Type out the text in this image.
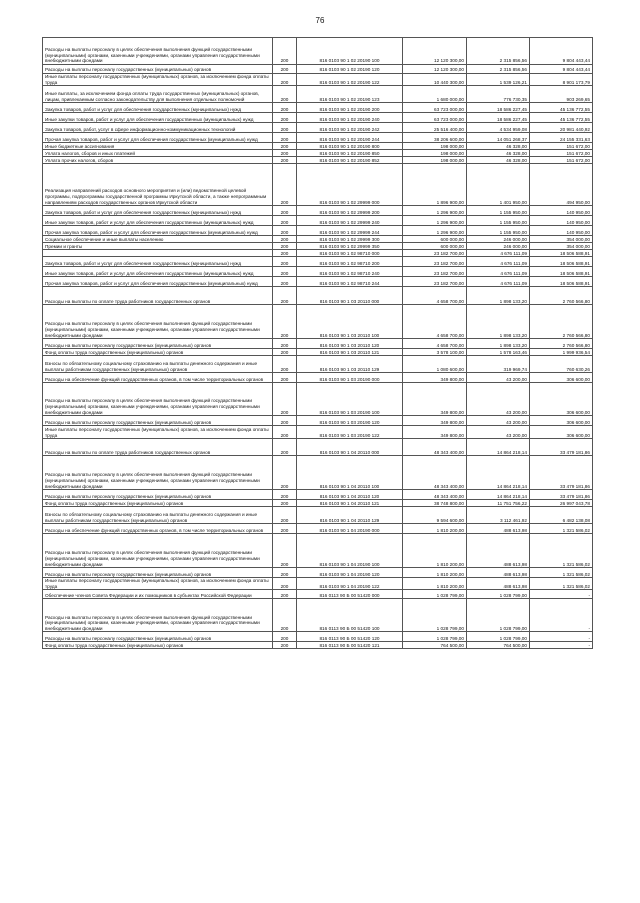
76
Расходы на выплаты персоналу в целях обеспечения выполнения функций государственными (муниципальными) органами, казенными учреждениями, органами управления государственными внебюджетными фондами	200	816 0103 90 1 02 20190 100	12 120 300,00	2 315 856,56	9 804 443,44
Расходы на выплаты персоналу государственных (муниципальных) органов	200	816 0103 90 1 02 20190 120	12 120 300,00	2 315 856,56	9 804 443,44
Иные выплаты персоналу государственных (муниципальных) органов, за исключением фонда оплаты труда	200	816 0103 90 1 02 20190 122	10 440 300,00	1 539 126,21	8 901 173,79
Иные выплаты, за исключением фонда оплаты труда государственных (муниципальных) органов, лицам, привлекаемым согласно законодательству для выполнения отдельных полномочий	200	816 0103 90 1 02 20190 123	1 680 000,00	776 730,35	903 269,65
Закупка товаров, работ и услуг для обеспечения государственных (муниципальных) нужд	200	816 0103 90 1 02 20190 200	63 723 000,00	18 586 227,45	45 136 772,55
Иные закупки товаров, работ и услуг для обеспечения государственных (муниципальных) нужд	200	816 0103 90 1 02 20190 240	63 723 000,00	18 586 227,45	45 136 772,55
Закупка товаров, работ, услуг в сфере информационно-коммуникационных технологий	200	816 0103 90 1 02 20190 242	25 516 400,00	4 534 959,08	20 981 440,92
Прочая закупка товаров, работ и услуг для обеспечения государственных (муниципальных) нужд	200	816 0103 90 1 02 20190 244	38 206 600,00	14 051 268,37	24 155 331,63
Иные бюджетные ассигнования	200	816 0103 90 1 02 20190 800	198 000,00	46 328,00	151 672,00
Уплата налогов, сборов и иных платежей	200	816 0103 90 1 02 20190 850	198 000,00	46 328,00	151 672,00
Уплата прочих налогов, сборов	200	816 0103 90 1 02 20190 852	198 000,00	46 328,00	151 672,00
Реализация направлений расходов основного мероприятия и (или) ведомственной целевой программы, подпрограммы государственной программы Иркутской области, а также непрограммным направлениям расходов государственных органов Иркутской области	200	816 0103 90 1 02 29999 000	1 896 900,00	1 401 950,00	494 950,00
Закупка товаров, работ и услуг для обеспечения государственных (муниципальных) нужд	200	816 0103 90 1 02 29999 200	1 296 900,00	1 155 950,00	140 950,00
Иные закупки товаров, работ и услуг для обеспечения государственных (муниципальных) нужд	200	816 0103 90 1 02 29999 240	1 296 900,00	1 155 950,00	140 950,00
Прочая закупка товаров, работ и услуг для обеспечения государственных (муниципальных) нужд	200	816 0103 90 1 02 29999 244	1 296 900,00	1 155 950,00	140 950,00
Социальное обеспечение и иные выплаты населению	200	816 0103 90 1 02 29999 300	600 000,00	246 000,00	354 000,00
Премии и гранты	200	816 0103 90 1 02 29999 350	600 000,00	246 000,00	354 000,00
	200	816 0103 90 1 02 98710 000	23 182 700,00	4 676 111,09	18 506 588,91
Закупка товаров, работ и услуг для обеспечения государственных (муниципальных) нужд	200	816 0103 90 1 02 98710 200	23 182 700,00	4 676 111,09	18 506 588,91
Иные закупки товаров, работ и услуг для обеспечения государственных (муниципальных) нужд	200	816 0103 90 1 02 98710 240	23 182 700,00	4 676 111,09	18 506 588,91
Прочая закупка товаров, работ и услуг для обеспечения государственных (муниципальных) нужд	200	816 0103 90 1 02 98710 244	23 182 700,00	4 676 111,09	18 506 588,91
Расходы на выплаты по оплате труда работников государственных органов	200	816 0103 90 1 03 20110 000	4 658 700,00	1 898 133,20	2 760 566,80
Расходы на выплаты персоналу в целях обеспечения выполнения функций государственными (муниципальными) органами, казенными учреждениями, органами управления государственными внебюджетными фондами	200	816 0103 90 1 03 20110 100	4 658 700,00	1 898 133,20	2 760 566,80
Расходы на выплаты персоналу государственных (муниципальных) органов	200	816 0103 90 1 03 20110 120	4 658 700,00	1 898 133,20	2 760 566,80
Фонд оплаты труда государственных (муниципальных) органов	200	816 0103 90 1 03 20110 121	3 578 100,00	1 578 163,46	1 999 936,54
Взносы по обязательному социальному страхованию на выплаты денежного содержания и иные выплаты работникам государственных (муниципальных) органов	200	816 0103 90 1 03 20110 129	1 080 600,00	319 969,74	760 630,26
Расходы на обеспечение функций государственных органов, в том числе территориальных органов	200	816 0103 90 1 03 20190 000	349 800,00	43 200,00	306 600,00
Расходы на выплаты персоналу в целях обеспечения выполнения функций государственными (муниципальными) органами, казенными учреждениями, органами управления государственными внебюджетными фондами	200	816 0103 90 1 03 20190 100	349 800,00	43 200,00	306 600,00
Расходы на выплаты персоналу государственных (муниципальных) органов	200	816 0103 90 1 03 20190 120	349 800,00	43 200,00	306 600,00
Иные выплаты персоналу государственных (муниципальных) органов, за исключением фонда оплаты труда	200	816 0103 90 1 03 20190 122	349 800,00	43 200,00	306 600,00
Расходы на выплаты по оплате труда работников государственных органов	200	816 0103 90 1 04 20110 000	48 343 400,00	14 864 218,14	33 479 181,86
Расходы на выплаты персоналу в целях обеспечения выполнения функций государственными (муниципальными) органами, казенными учреждениями, органами управления государственными внебюджетными фондами	200	816 0103 90 1 04 20110 100	48 343 400,00	14 864 218,14	33 479 181,86
Расходы на выплаты персоналу государственных (муниципальных) органов	200	816 0103 90 1 04 20110 120	48 343 400,00	14 864 218,14	33 479 181,86
Фонд оплаты труда государственных (муниципальных) органов	200	816 0103 90 1 04 20110 121	38 748 800,00	11 751 756,22	26 997 043,78
Взносы по обязательному социальному страхованию на выплаты денежного содержания и иные выплаты работникам государственных (муниципальных) органов	200	816 0103 90 1 04 20110 129	9 594 600,00	3 112 461,92	6 482 138,08
Расходы на обеспечение функций государственных органов, в том числе территориальных органов	200	816 0103 90 1 04 20190 000	1 810 200,00	488 613,98	1 321 586,02
Расходы на выплаты персоналу в целях обеспечения выполнения функций государственными (муниципальными) органами, казенными учреждениями, органами управления государственными внебюджетными фондами	200	816 0103 90 1 04 20190 100	1 810 200,00	488 613,98	1 321 586,02
Расходы на выплаты персоналу государственных (муниципальных) органов	200	816 0103 90 1 04 20190 120	1 810 200,00	488 613,98	1 321 586,02
Иные выплаты персоналу государственных (муниципальных) органов, за исключением фонда оплаты труда	200	816 0103 90 1 04 20190 122	1 810 200,00	488 613,98	1 321 586,02
Обеспечение членов Совета Федерации и их помощников в субъектах Российской Федерации	200	816 0113 90 Б 00 51420 000	1 028 799,00	1 028 799,00	-
Расходы на выплаты персоналу в целях обеспечения выполнения функций государственными (муниципальными) органами, казенными учреждениями, органами управления государственными внебюджетными фондами	200	816 0113 90 Б 00 51420 100	1 028 799,00	1 028 799,00	-
Расходы на выплаты персоналу государственных (муниципальных) органов	200	816 0113 90 Б 00 51420 120	1 028 799,00	1 028 799,00	-
Фонд оплаты труда государственных (муниципальных) органов	200	816 0113 90 Б 00 51420 121	764 500,00	764 500,00	-
